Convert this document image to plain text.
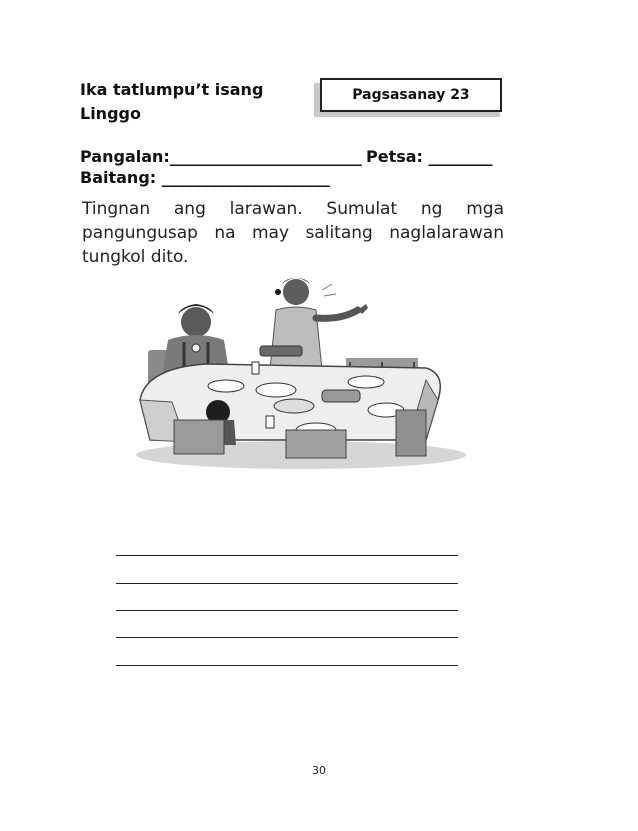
Ika tatlumpu’t isang Linggo
Pagsasanay 23
Pangalan:________________________ Petsa: ________
Baitang: _____________________
Tingnan ang larawan. Sumulat ng mga pangungusap na may salitang naglalarawan tungkol dito.
30
